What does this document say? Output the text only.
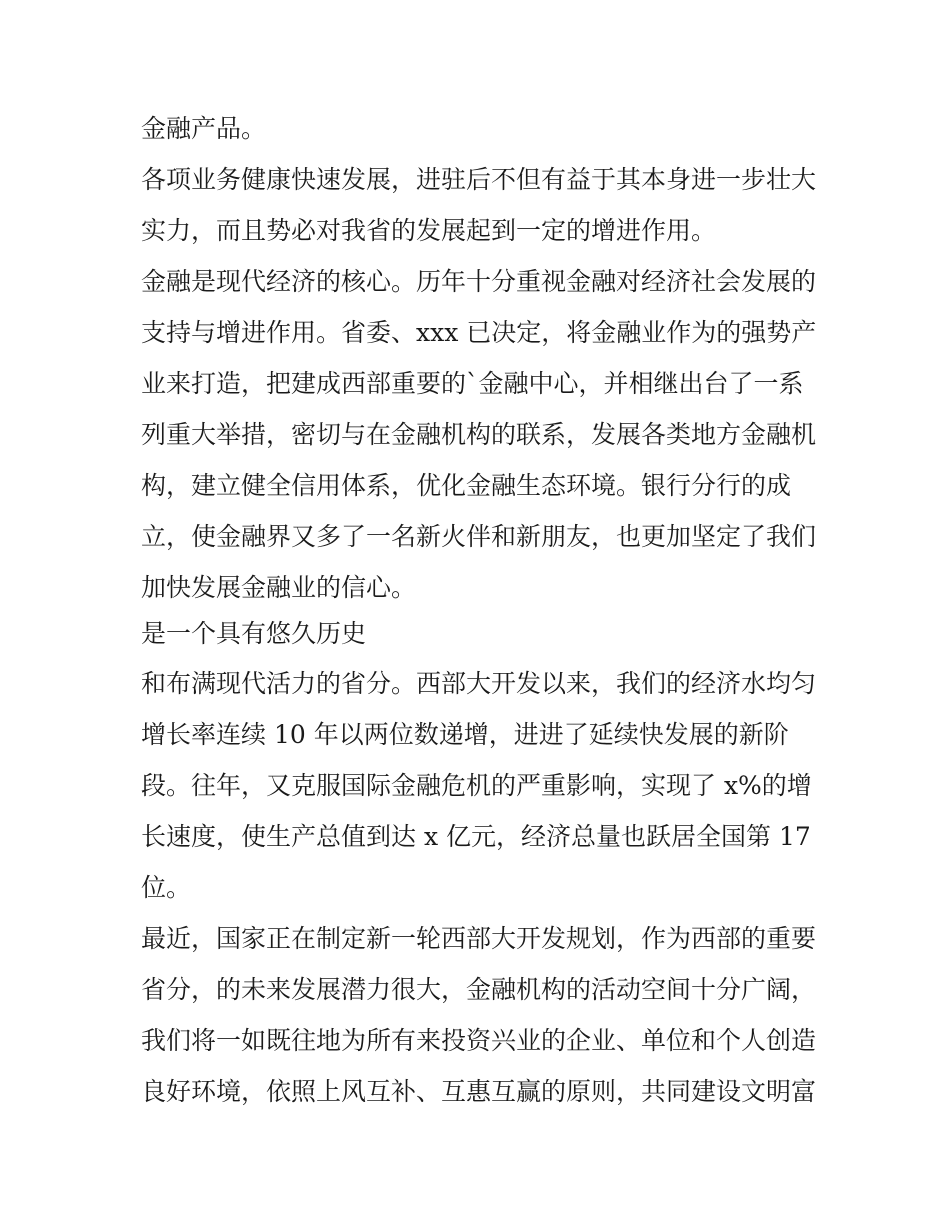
金融产品。
各项业务健康快速发展，进驻后不但有益于其本身进一步壮大
实力，而且势必对我省的发展起到一定的增进作用。
金融是现代经济的核心。历年十分重视金融对经济社会发展的
支持与增进作用。省委、xxx 已决定，将金融业作为的强势产
业来打造，把建成西部重要的`金融中心，并相继出台了一系
列重大举措，密切与在金融机构的联系，发展各类地方金融机
构，建立健全信用体系，优化金融生态环境。银行分行的成
立，使金融界又多了一名新火伴和新朋友，也更加坚定了我们
加快发展金融业的信心。
是一个具有悠久历史
和布满现代活力的省分。西部大开发以来，我们的经济水均匀
增长率连续 10 年以两位数递增，进进了延续快发展的新阶
段。往年，又克服国际金融危机的严重影响，实现了 x%的增
长速度，使生产总值到达 x 亿元，经济总量也跃居全国第 17
位。
最近，国家正在制定新一轮西部大开发规划，作为西部的重要
省分，的未来发展潜力很大，金融机构的活动空间十分广阔，
我们将一如既往地为所有来投资兴业的企业、单位和个人创造
良好环境，依照上风互补、互惠互赢的原则，共同建设文明富
